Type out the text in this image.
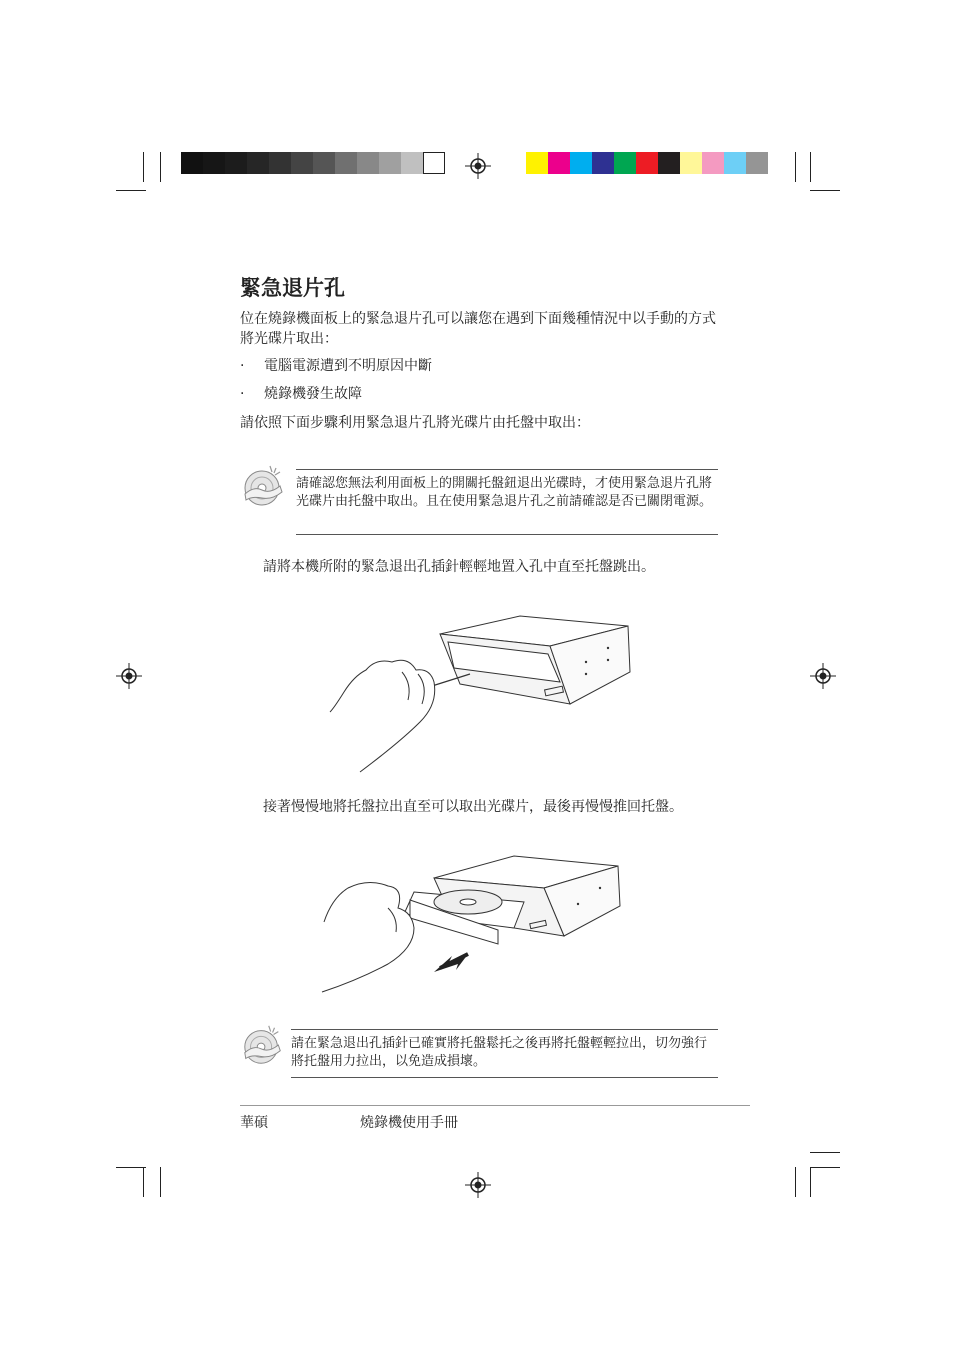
緊急退片孔
位在燒錄機面板上的緊急退片孔可以讓您在遇到下面幾種情況中以手動的方式將光碟片取出：
· 電腦電源遭到不明原因中斷
· 燒錄機發生故障
請依照下面步驟利用緊急退片孔將光碟片由托盤中取出：
請確認您無法利用面板上的開關托盤鈕退出光碟時，才使用緊急退片孔將光碟片由托盤中取出。且在使用緊急退片孔之前請確認是否已關閉電源。
請將本機所附的緊急退出孔插針輕輕地置入孔中直至托盤跳出。
接著慢慢地將托盤拉出直至可以取出光碟片，最後再慢慢推回托盤。
請在緊急退出孔插針已確實將托盤鬆托之後再將托盤輕輕拉出，切勿強行將托盤用力拉出，以免造成損壞。
華碩	燒錄機使用手冊
